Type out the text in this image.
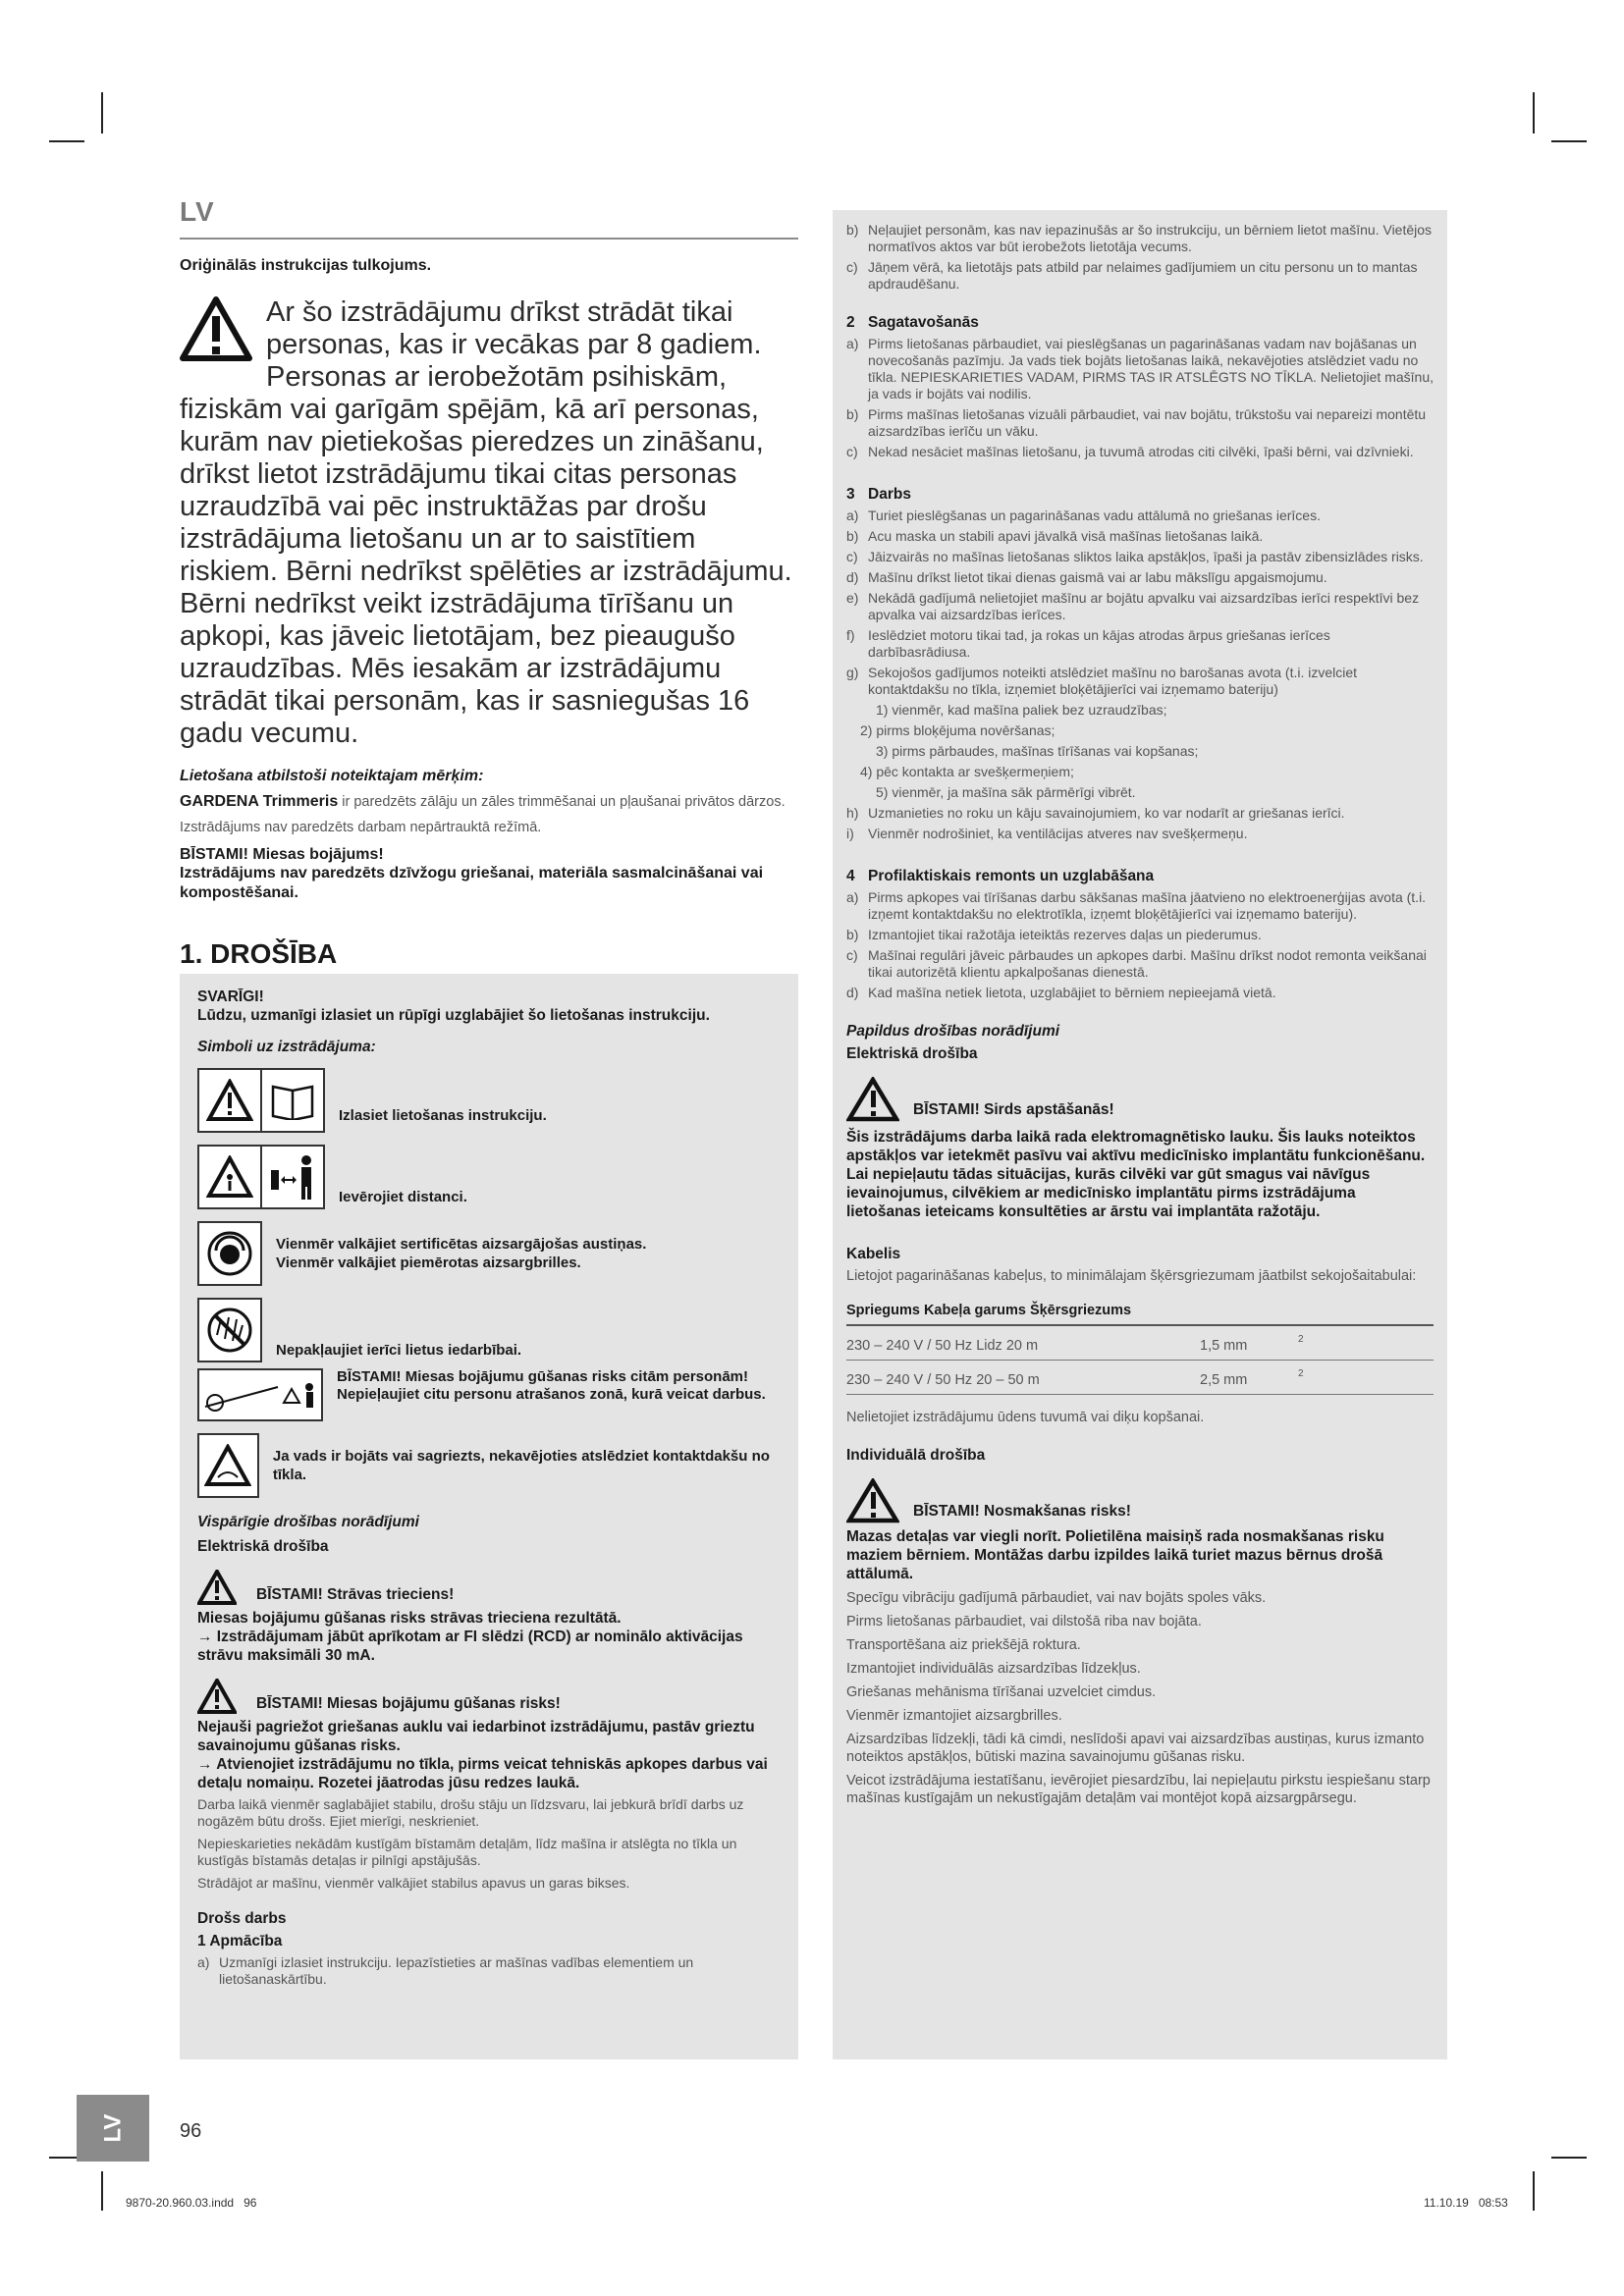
LV
Oriģinālās instrukcijas tulkojums.
Ar šo izstrādājumu drīkst strādāt tikai personas, kas ir vecākas par 8 gadiem. Personas ar ierobežotām psihiskām, fiziskām vai garīgām spējām, kā arī personas, kurām nav pietiekošas pieredzes un zināšanu, drīkst lietot izstrādājumu tikai citas personas uzraudzībā vai pēc instruktāžas par drošu izstrādājuma lietošanu un ar to saistītiem riskiem. Bērni nedrīkst spēlēties ar izstrādājumu. Bērni nedrīkst veikt izstrādājuma tīrīšanu un apkopi, kas jāveic lietotājam, bez pieaugušo uzraudzības. Mēs iesakām ar izstrādājumu strādāt tikai personām, kas ir sasniegušas 16 gadu vecumu.
Lietošana atbilstoši noteiktajam mērķim:

GARDENA Trimmeris ir paredzēts zālāju un zāles trimmēšanai un pļaušanai privātos dārzos.

Izstrādājums nav paredzēts darbam nepārtrauktā režīmā.

BĪSTAMI! Miesas bojājums!

Izstrādājums nav paredzēts dzīvžogu griešanai, materiāla sasmalcināšanai vai kompostēšanai.

1. DROŠĪBA
SVARĪGI!
Lūdzu, uzmanīgi izlasiet un rūpīgi uzglabājiet šo lietošanas instrukciju.
Simboli uz izstrādājuma:
Izlasiet lietošanas instrukciju.
Ievērojiet distanci.
Vienmēr valkājiet sertificētas aizsargājošas austiņas.
Vienmēr valkājiet piemērotas aizsargbrilles.
Nepakļaujiet ierīci lietus iedarbībai.
BĪSTAMI! Miesas bojājumu gūšanas risks citām personām! Nepieļaujiet citu personu atrašanos zonā, kurā veicat darbus.
Ja vads ir bojāts vai sagriezts, nekavējoties atslēdziet kontaktdakšu no tīkla.
Vispārīgie drošības norādījumi
Elektriskā drošība
BĪSTAMI! Strāvas trieciens!
Miesas bojājumu gūšanas risks strāvas trieciena rezultātā.
→ Izstrādājumam jābūt aprīkotam ar FI slēdzi (RCD) ar nominālo aktivācijas strāvu maksimāli 30 mA.
BĪSTAMI! Miesas bojājumu gūšanas risks!
Nejauši pagriežot griešanas auklu vai iedarbinot izstrādājumu, pastāv grieztu savainojumu gūšanas risks.
→ Atvienojiet izstrādājumu no tīkla, pirms veicat tehniskās apkopes darbus vai detaļu nomaiņu. Rozetei jāatrodas jūsu redzes laukā.

Darba laikā vienmēr saglabājiet stabilu, drošu stāju un līdzsvaru, lai jebkurā brīdī darbs uz nogāzēm būtu drošs. Ejiet mierīgi, neskrieniet.

Nepieskarieties nekādām kustīgām bīstamām detaļām, līdz mašīna ir atslēgta no tīkla un kustīgās bīstamās detaļas ir pilnīgi apstājušās.

Strādājot ar mašīnu, vienmēr valkājiet stabilus apavus un garas bikses.

Drošs darbs
1 Apmācība
a) Uzmanīgi izlasiet instrukciju. Iepazīstieties ar mašīnas vadības elementiem un lietošanaskārtību.
b) Neļaujiet personām, kas nav iepazinušās ar šo instrukciju, un bērniem lietot mašīnu. Vietējos normatīvos aktos var būt ierobežots lietotāja vecums.
c) Jāņem vērā, ka lietotājs pats atbild par nelaimes gadījumiem un citu personu un to mantas apdraudēšanu.
2 Sagatavošanās
a) Pirms lietošanas pārbaudiet, vai pieslēgšanas un pagarināšanas vadam nav bojāšanas un novecošanās pazīmju. Ja vads tiek bojāts lietošanas laikā, nekavējoties atslēdziet vadu no tīkla. NEPIESKARIETIES VADAM, PIRMS TAS IR ATSLĒGTS NO TĪKLA. Nelietojiet mašīnu, ja vads ir bojāts vai nodilis.
b) Pirms mašīnas lietošanas vizuāli pārbaudiet, vai nav bojātu, trūkstošu vai nepareizi montētu aizsardzības ierīču un vāku.
c) Nekad nesāciet mašīnas lietošanu, ja tuvumā atrodas citi cilvēki, īpaši bērni, vai dzīvnieki.
3 Darbs
a) Turiet pieslēgšanas un pagarināšanas vadu attālumā no griešanas ierīces.
b) Acu maska un stabili apavi jāvalkā visā mašīnas lietošanas laikā.
c) Jāizvairās no mašīnas lietošanas sliktos laika apstākļos, īpaši ja pastāv zibensizlādes risks.
d) Mašīnu drīkst lietot tikai dienas gaismā vai ar labu mākslīgu apgaismojumu.
e) Nekādā gadījumā nelietojiet mašīnu ar bojātu apvalku vai aizsardzības ierīci respektīvi bez apvalka vai aizsardzības ierīces.
f) Ieslēdziet motoru tikai tad, ja rokas un kājas atrodas ārpus griešanas ierīces darbībasrādiusa.
g) Sekojošos gadījumos noteikti atslēdziet mašīnu no barošanas avota (t.i. izvelciet kontaktdakšu no tīkla, izņemiet bloķētājierīci vai izņemamo bateriju)
1) vienmēr, kad mašīna paliek bez uzraudzības;
2) pirms bloķējuma novēršanas;
3) pirms pārbaudes, mašīnas tīrīšanas vai kopšanas;
4) pēc kontakta ar svešķermeņiem;
5) vienmēr, ja mašīna sāk pārmērīgi vibrēt.
h) Uzmanieties no roku un kāju savainojumiem, ko var nodarīt ar griešanas ierīci.
i)	Vienmēr nodrošiniet, ka ventilācijas atveres nav svešķermeņu.
4 Profilaktiskais remonts un uzglabāšana
a) Pirms apkopes vai tīrīšanas darbu sākšanas mašīna jāatvieno no elektroenerģijas avota (t.i. izņemt kontaktdakšu no elektrotīkla, izņemt bloķētājierīci vai izņemamo bateriju).
b) Izmantojiet tikai ražotāja ieteiktās rezerves daļas un piederumus.
c) Mašīnai regulāri jāveic pārbaudes un apkopes darbi. Mašīnu drīkst nodot remonta veikšanai tikai autorizētā klientu apkalpošanas dienestā.
d) Kad mašīna netiek lietota, uzglabājiet to bērniem nepieejamā vietā.
Papildus drošības norādījumi
Elektriskā drošība
BĪSTAMI! Sirds apstāšanās!
Šis izstrādājums darba laikā rada elektromagnētisko lauku. Šis lauks noteiktos apstākļos var ietekmēt pasīvu vai aktīvu medicīnisko implantātu funkcionēšanu. Lai nepieļautu tādas situācijas, kurās cilvēki var gūt smagus vai nāvīgus ievainojumus, cilvēkiem ar medicīnisko implantātu pirms izstrādājuma lietošanas ieteicams konsultēties ar ārstu vai implantāta ražotāju.
Kabelis

Lietojot pagarināšanas kabeļus, to minimālajam šķērsgriezumam jāatbilst sekojošaitabulai:

Spriegums Kabeļa garums Šķērsgriezums		
230 – 240 V / 50 Hz Lidz 20 m	1,5 mm	2
230 – 240 V / 50 Hz 20 – 50 m	2,5 mm	2

Nelietojiet izstrādājumu ūdens tuvumā vai diķu kopšanai.

Individuālā drošība
BĪSTAMI! Nosmakšanas risks!
Mazas detaļas var viegli norīt. Polietilēna maisiņš rada nosmakšanas risku maziem bērniem. Montāžas darbu izpildes laikā turiet mazus bērnus drošā attālumā.

Specīgu vibrāciju gadījumā pārbaudiet, vai nav bojāts spoles vāks.

Pirms lietošanas pārbaudiet, vai dilstošā riba nav bojāta.

Transportēšana aiz priekšējā roktura.

Izmantojiet individuālās aizsardzības līdzekļus.

Griešanas mehānisma tīrīšanai uzvelciet cimdus.

Vienmēr izmantojiet aizsargbrilles.

Aizsardzības līdzekļi, tādi kā cimdi, neslīdoši apavi vai aizsardzības austiņas, kurus izmanto noteiktos apstākļos, būtiski mazina savainojumu gūšanas risku.

Veicot izstrādājuma iestatīšanu, ievērojiet piesardzību, lai nepieļautu pirkstu iespiešanu starp mašīnas kustīgajām un nekustīgajām detaļām vai montējot kopā aizsargpārsegu.

LV	96
9870-20.960.03.indd   96	11.10.19   08:53
